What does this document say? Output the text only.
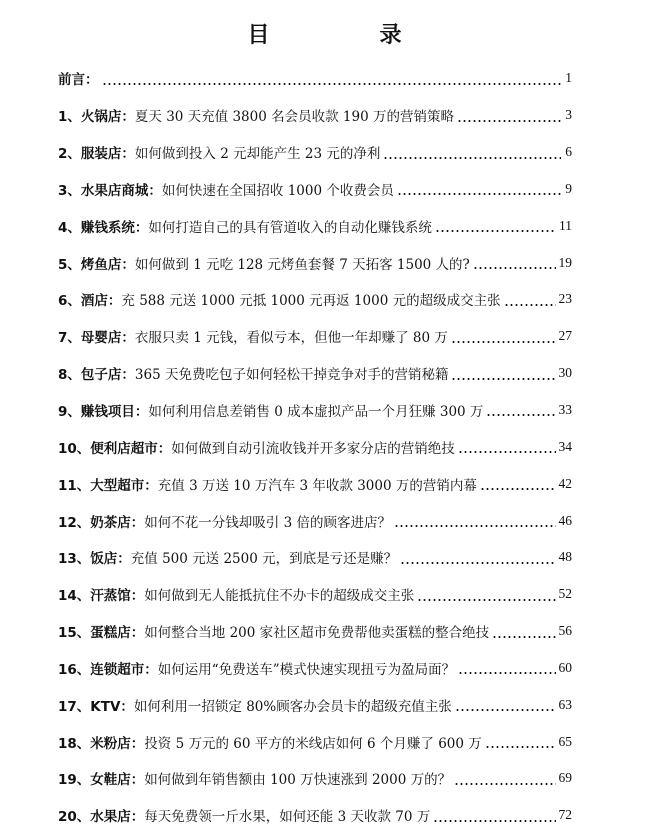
目　　录
前言：	1
1、火锅店：夏天 30 天充值 3800 名会员收款 190 万的营销策略	3
2、服装店：如何做到投入 2 元却能产生 23 元的净利	6
3、水果店商城：如何快速在全国招收 1000 个收费会员	9
4、赚钱系统：如何打造自己的具有管道收入的自动化赚钱系统	11
5、烤鱼店：如何做到 1 元吃 128 元烤鱼套餐 7 天拓客 1500 人的?	19
6、酒店：充 588 元送 1000 元抵 1000 元再返 1000 元的超级成交主张	23
7、母婴店：衣服只卖 1 元钱，看似亏本，但他一年却赚了 80 万	27
8、包子店：365 天免费吃包子如何轻松干掉竞争对手的营销秘籍	30
9、赚钱项目：如何利用信息差销售 0 成本虚拟产品一个月狂赚 300 万	33
10、便利店超市：如何做到自动引流收钱并开多家分店的营销绝技	34
11、大型超市：充值 3 万送 10 万汽车 3 年收款 3000 万的营销内幕	42
12、奶茶店：如何不花一分钱却吸引 3 倍的顾客进店？	46
13、饭店：充值 500 元送 2500 元，到底是亏还是赚？	48
14、汗蒸馆：如何做到无人能抵抗住不办卡的超级成交主张	52
15、蛋糕店：如何整合当地 200 家社区超市免费帮他卖蛋糕的整合绝技	56
16、连锁超市：如何运用“免费送车”模式快速实现扭亏为盈局面？	60
17、KTV：如何利用一招锁定 80%顾客办会员卡的超级充值主张	63
18、米粉店：投资 5 万元的 60 平方的米线店如何 6 个月赚了 600 万	65
19、女鞋店：如何做到年销售额由 100 万快速涨到 2000 万的？	69
20、水果店：每天免费领一斤水果，如何还能 3 天收款 70 万	72
